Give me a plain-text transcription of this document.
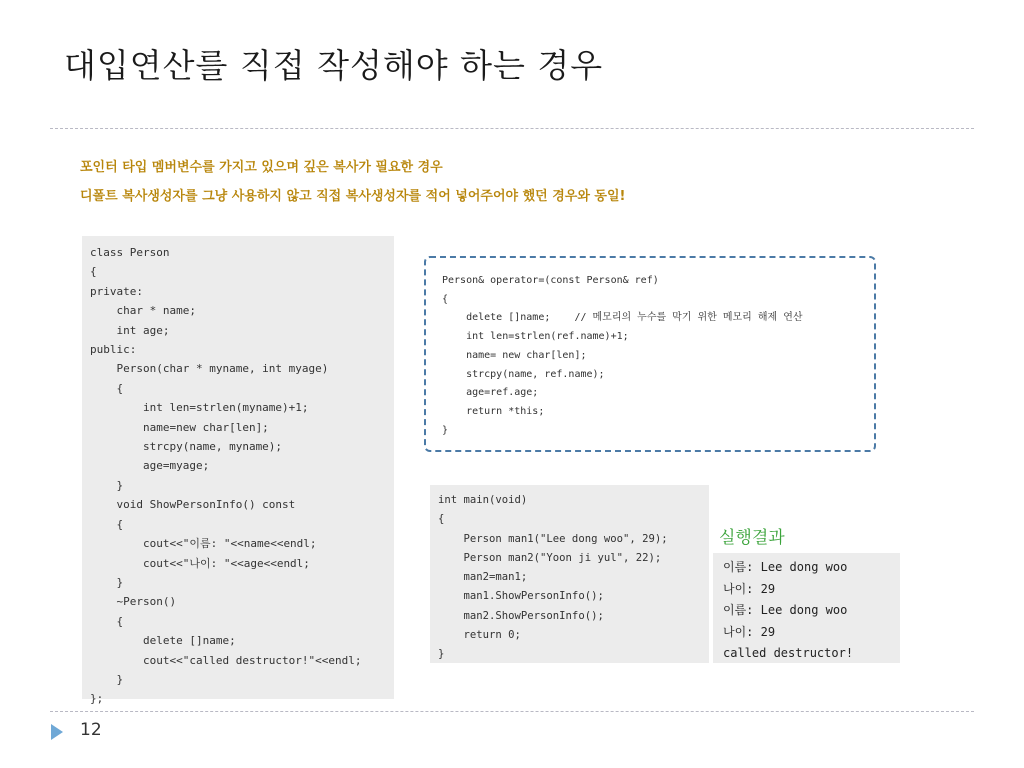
대입연산를 직접 작성해야 하는 경우
포인터 타입 멤버변수를 가지고 있으며 깊은 복사가 필요한 경우
디폴트 복사생성자를 그냥 사용하지 않고 직접 복사생성자를 적어 넣어주어야 했던 경우와 동일!
class Person
{
private:
char * name;
int age;
public:
Person(char * myname, int myage)
{
int len=strlen(myname)+1;
name=new char[len];
strcpy(name, myname);
age=myage;
}
void ShowPersonInfo() const
{
cout<<"이름: "<<name<<endl;
cout<<"나이: "<<age<<endl;
}
~Person()
{
delete []name;
cout<<"called destructor!"<<endl;
}
};
Person& operator=(const Person& ref)
{
delete []name;    // 메모리의 누수를 막기 위한 메모리 해제 연산
int len=strlen(ref.name)+1;
name= new char[len];
strcpy(name, ref.name);
age=ref.age;
return *this;
}
int main(void)
{
Person man1("Lee dong woo", 29);
Person man2("Yoon ji yul", 22);
man2=man1;
man1.ShowPersonInfo();
man2.ShowPersonInfo();
return 0;
}
실행결과
이름: Lee dong woo
나이: 29
이름: Lee dong woo
나이: 29
called destructor!
12
